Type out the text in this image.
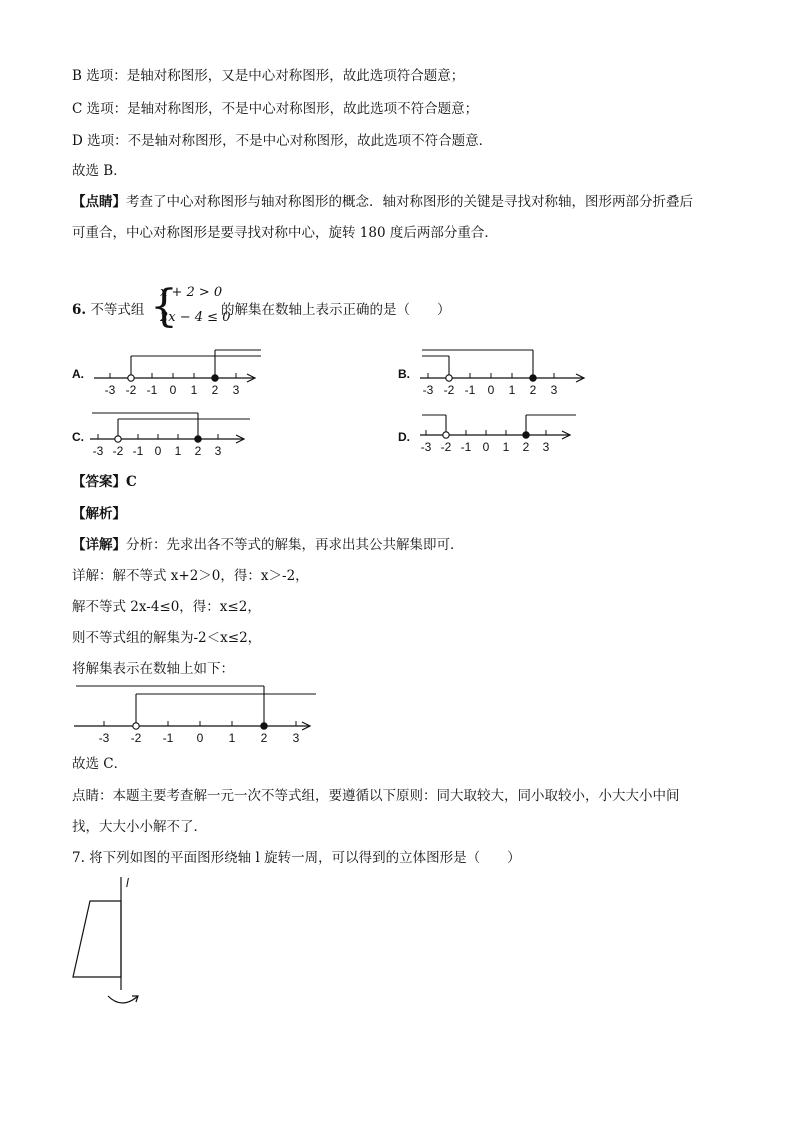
B 选项：是轴对称图形，又是中心对称图形，故此选项符合题意；
C 选项：是轴对称图形，不是中心对称图形，故此选项不符合题意；
D 选项：不是轴对称图形，不是中心对称图形，故此选项不符合题意．
故选 B．
【点睛】考查了中心对称图形与轴对称图形的概念．轴对称图形的关键是寻找对称轴，图形两部分折叠后
可重合，中心对称图形是要寻找对称中心，旋转 180 度后两部分重合．
6. 不等式组 {
x + 2 > 0
2x − 4 ≤ 0
的解集在数轴上表示正确的是（　　）
A.	B.
C.	D.
-3 -2 -1 0 1 2 3	-3 -2 -1 0 1 2 3
-3 -2 -1 0 1 2 3	-3 -2 -1 0 1 2 3
【答案】C
【解析】
【详解】分析：先求出各不等式的解集，再求出其公共解集即可．
详解：解不等式 x+2＞0，得：x＞-2，
解不等式 2x-4≤0，得：x≤2，
则不等式组的解集为-2＜x≤2，
将解集表示在数轴上如下：
-3 -2 -1 0 1 2 3
故选 C．
点睛：本题主要考查解一元一次不等式组，要遵循以下原则：同大取较大，同小取较小，小大大小中间
找，大大小小解不了．
7. 将下列如图的平面图形绕轴 l 旋转一周，可以得到的立体图形是（　　）
l
